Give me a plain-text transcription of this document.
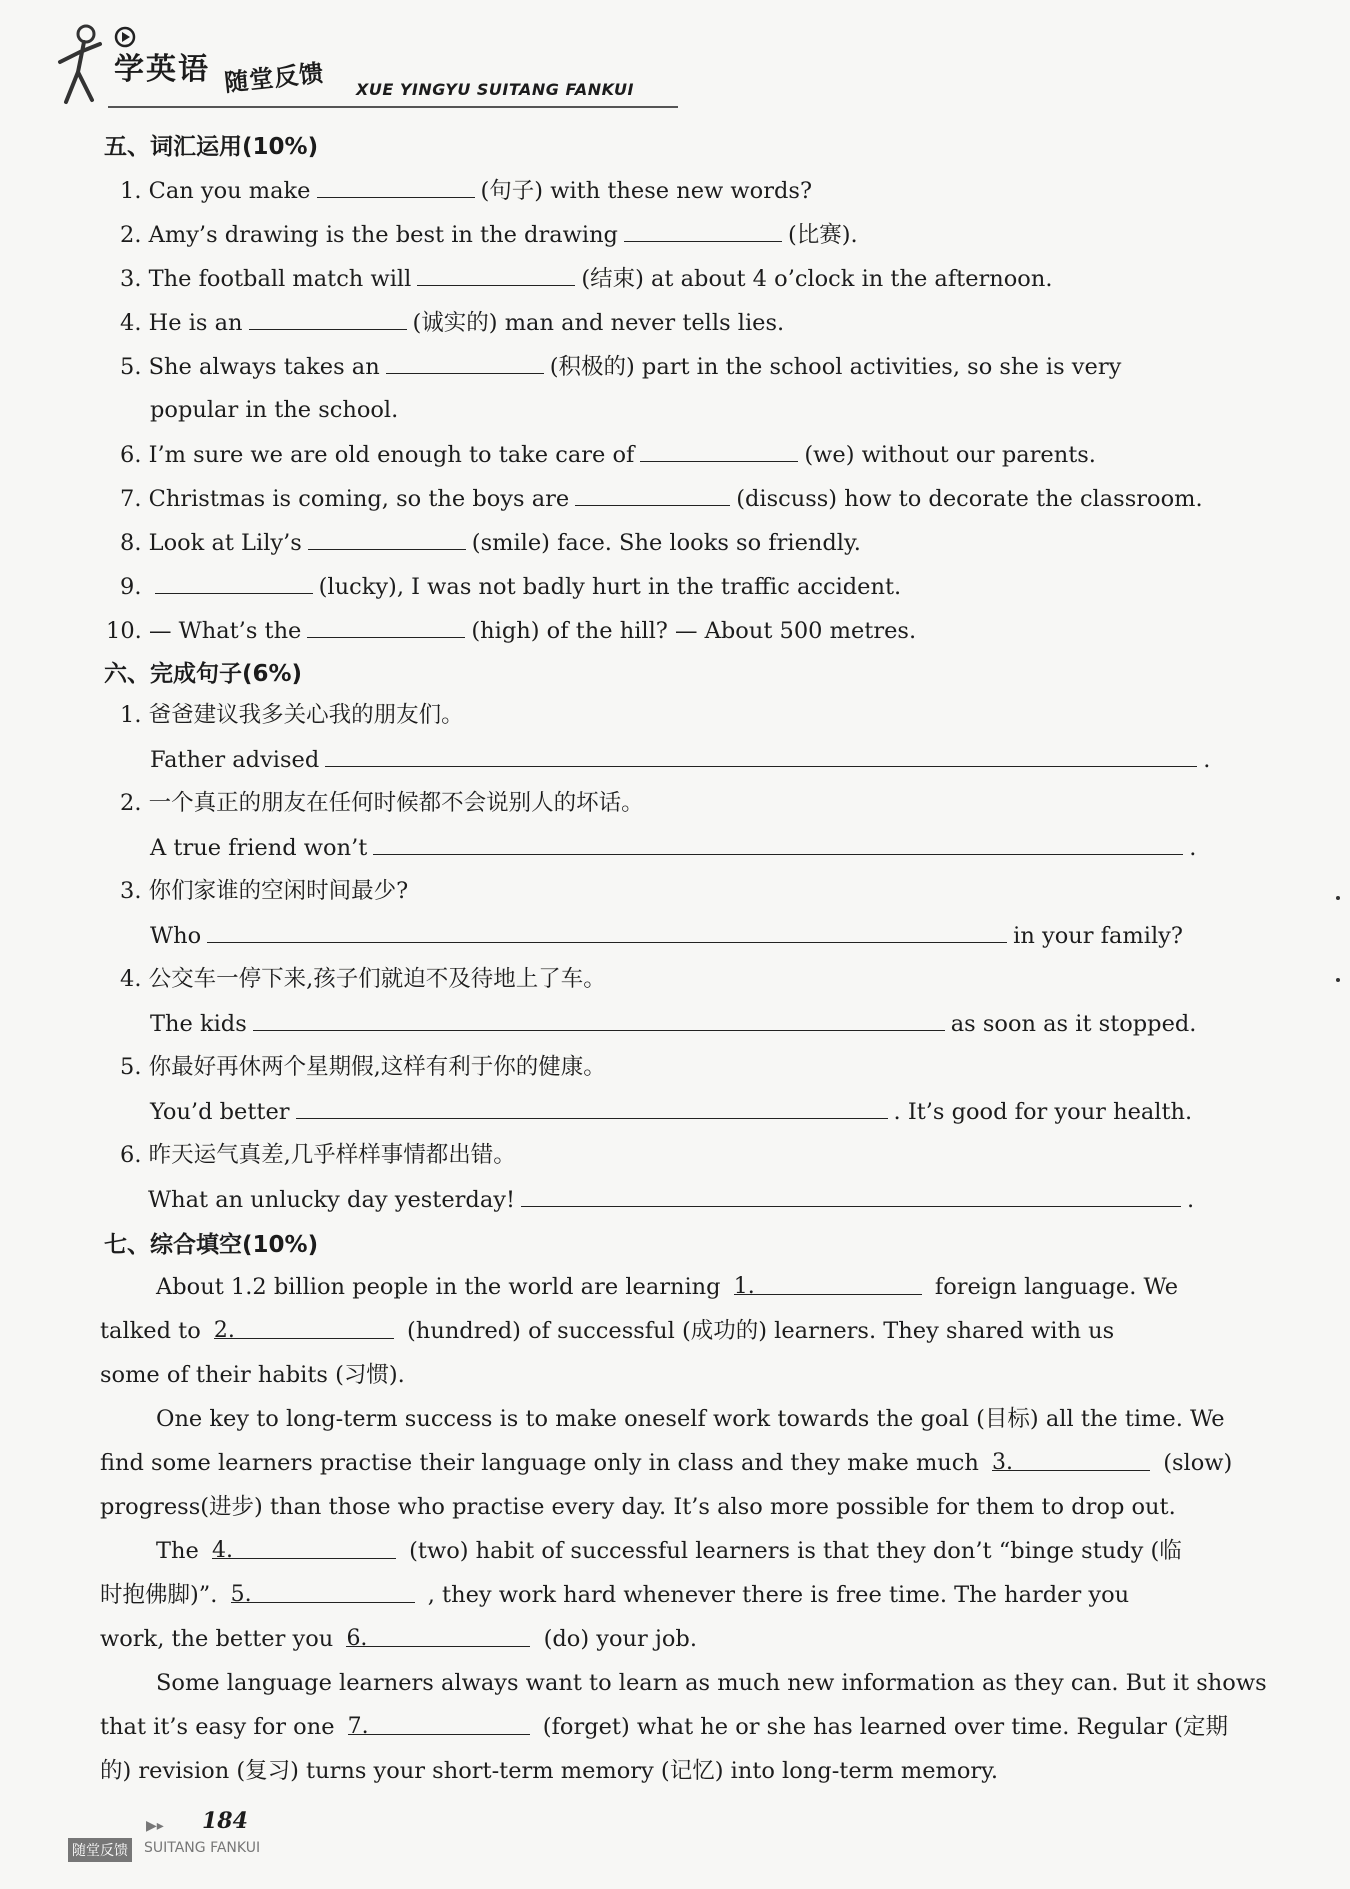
学英语 随堂反馈 XUE YINGYU SUITANG FANKUI
五、词汇运用(10%)
1. Can you make	(句子) with these new words?
2. Amy’s drawing is the best in the drawing	(比赛).
3. The football match will	(结束) at about 4 o’clock in the afternoon.
4. He is an	(诚实的) man and never tells lies.
5. She always takes an	(积极的) part in the school activities, so she is very
popular in the school.
6. I’m sure we are old enough to take care of	(we) without our parents.
7. Christmas is coming, so the boys are	(discuss) how to decorate the classroom.
8. Look at Lily’s	(smile) face. She looks so friendly.
9.	(lucky), I was not badly hurt in the traffic accident.
10. — What’s the	(high) of the hill? — About 500 metres.
六、完成句子(6%)
1. 爸爸建议我多关心我的朋友们。
Father advised	.
2. 一个真正的朋友在任何时候都不会说别人的坏话。
A true friend won’t	.
3. 你们家谁的空闲时间最少?
Who	in your family?
4. 公交车一停下来,孩子们就迫不及待地上了车。
The kids	as soon as it stopped.
5. 你最好再休两个星期假,这样有利于你的健康。
You’d better	. It’s good for your health.
6. 昨天运气真差,几乎样样事情都出错。
What an unlucky day yesterday!	.
七、综合填空(10%)
About 1.2 billion people in the world are learning 1.	foreign language. We
talked to 2.	(hundred) of successful (成功的) learners. They shared with us
some of their habits (习惯).
One key to long-term success is to make oneself work towards the goal (目标) all the time. We
find some learners practise their language only in class and they make much 3.	(slow)
progress(进步) than those who practise every day. It’s also more possible for them to drop out.
The 4.	(two) habit of successful learners is that they don’t “binge study (临
时抱佛脚)”. 5.	, they work hard whenever there is free time. The harder you
work, the better you 6.	(do) your job.
Some language learners always want to learn as much new information as they can. But it shows
that it’s easy for one 7.	(forget) what he or she has learned over time. Regular (定期
的) revision (复习) turns your short-term memory (记忆) into long-term memory.
▶▸ 184
随堂反馈 SUITANG FANKUI
